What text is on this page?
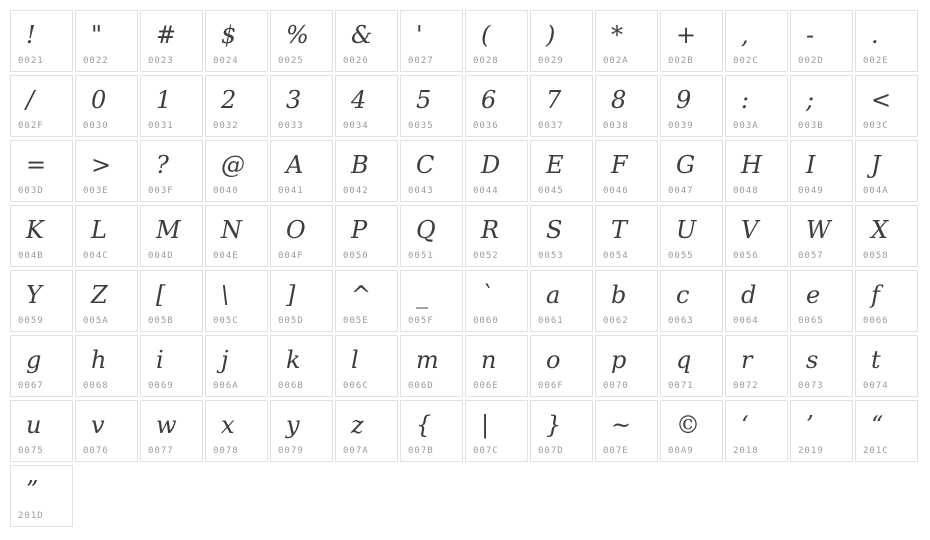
!
0021
"
0022
#
0023
$
0024
%
0025
&
0026
'
0027
(
0028
)
0029
*
002A
+
002B
,
002C
-
002D
.
002E
/
002F
0
0030
1
0031
2
0032
3
0033
4
0034
5
0035
6
0036
7
0037
8
0038
9
0039
:
003A
;
003B
<
003C
=
003D
>
003E
?
003F
@
0040
A
0041
B
0042
C
0043
D
0044
E
0045
F
0046
G
0047
H
0048
I
0049
J
004A
K
004B
L
004C
M
004D
N
004E
O
004F
P
0050
Q
0051
R
0052
S
0053
T
0054
U
0055
V
0056
W
0057
X
0058
Y
0059
Z
005A
[
005B
\
005C
]
005D
^
005E
_
005F
`
0060
a
0061
b
0062
c
0063
d
0064
e
0065
f
0066
g
0067
h
0068
i
0069
j
006A
k
006B
l
006C
m
006D
n
006E
o
006F
p
0070
q
0071
r
0072
s
0073
t
0074
u
0075
v
0076
w
0077
x
0078
y
0079
z
007A
{
007B
|
007C
}
007D
~
007E
©
00A9
‘
2018
’
2019
“
201C
”
201D
